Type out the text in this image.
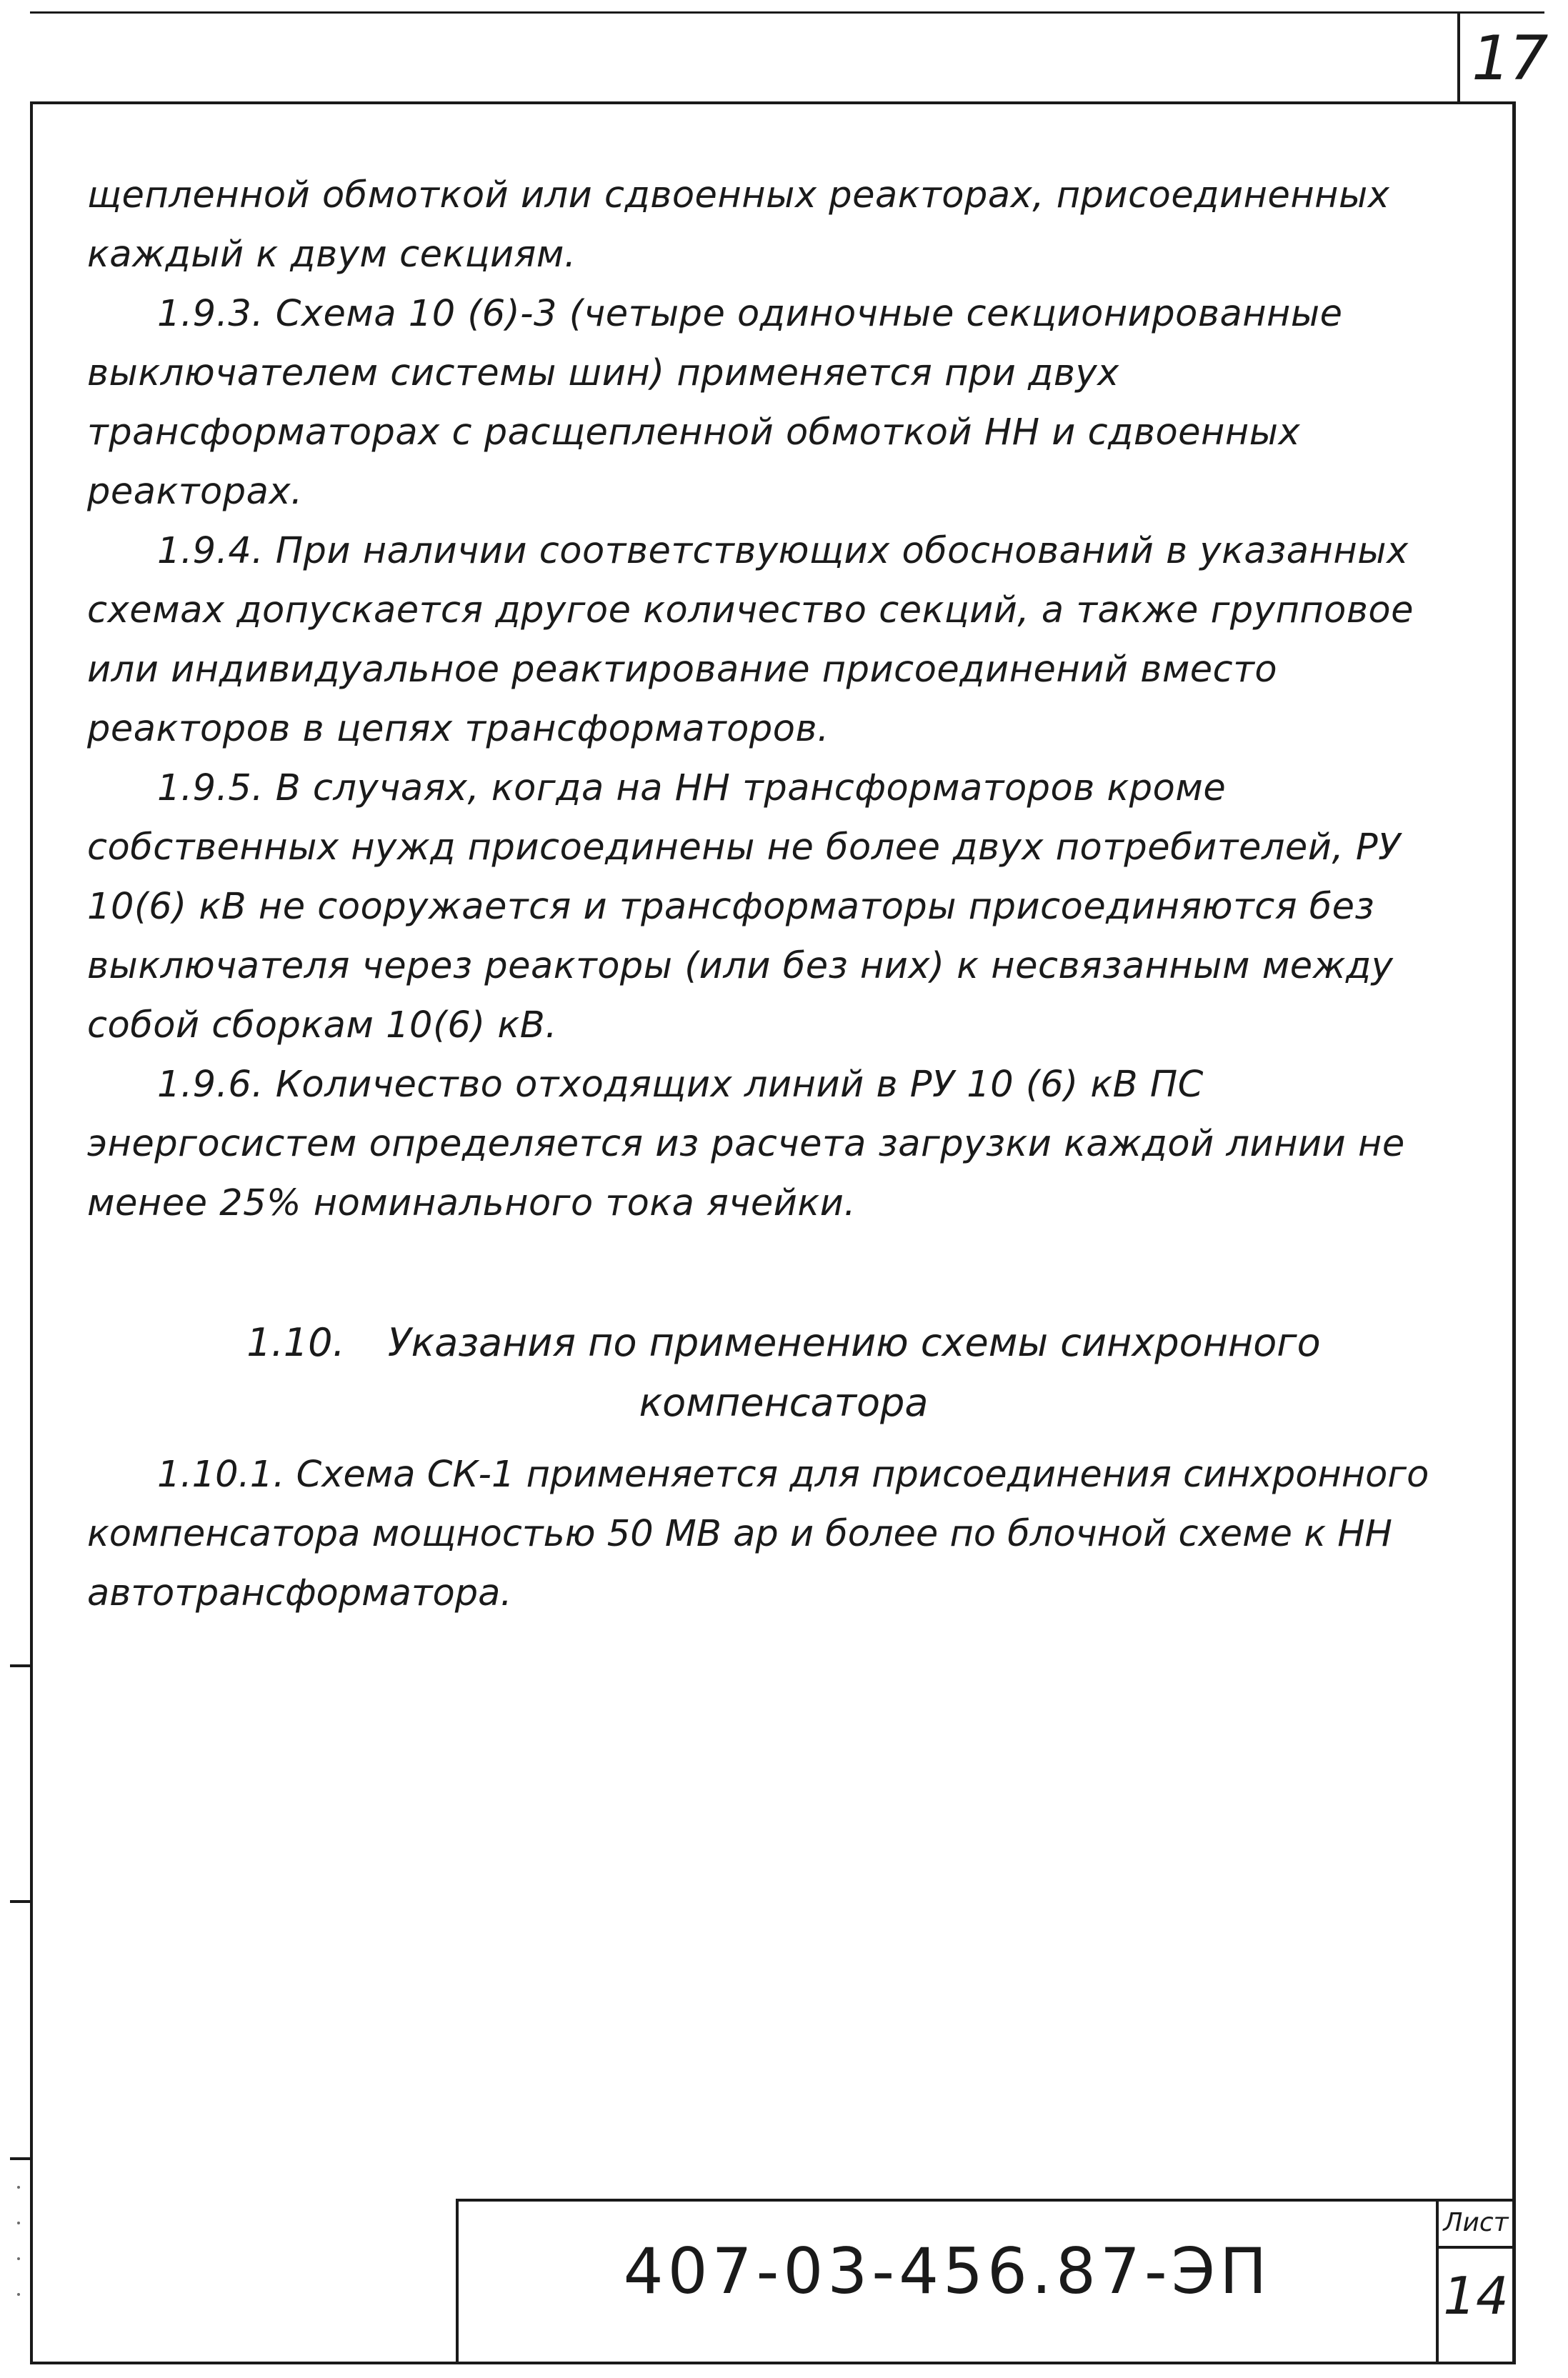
17

щепленной обмоткой или сдвоенных реакторах, присоединенных каждый к двум секциям.

1.9.3. Схема 10 (6)-3 (четыре одиночные секционированные выключателем системы шин) применяется при двух трансформаторах с расщепленной обмоткой НН и сдвоенных реакторах.

1.9.4. При наличии соответствующих обоснований в указанных схемах допускается другое количество секций, а также групповое или индивидуальное реактирование присоединений вместо реакторов в цепях трансформаторов.

1.9.5. В случаях, когда на НН трансформаторов кроме собственных нужд присоединены не более двух потребителей, РУ 10(6) кВ не сооружается и трансформаторы присоединяются без выключателя через реакторы (или без них) к несвязанным между собой сборкам 10(6) кВ.

1.9.6. Количество отходящих линий в РУ 10 (6) кВ ПС энергосистем определяется из расчета загрузки каждой линии не менее 25% номинального тока ячейки.

1.10. Указания по применению схемы синхронного
компенсатора

1.10.1. Схема СК-1 применяется для присоединения синхронного компенсатора мощностью 50 МВ ар и более по блочной схеме к НН автотрансформатора.

407-03-456.87-ЭП
Лист
14
